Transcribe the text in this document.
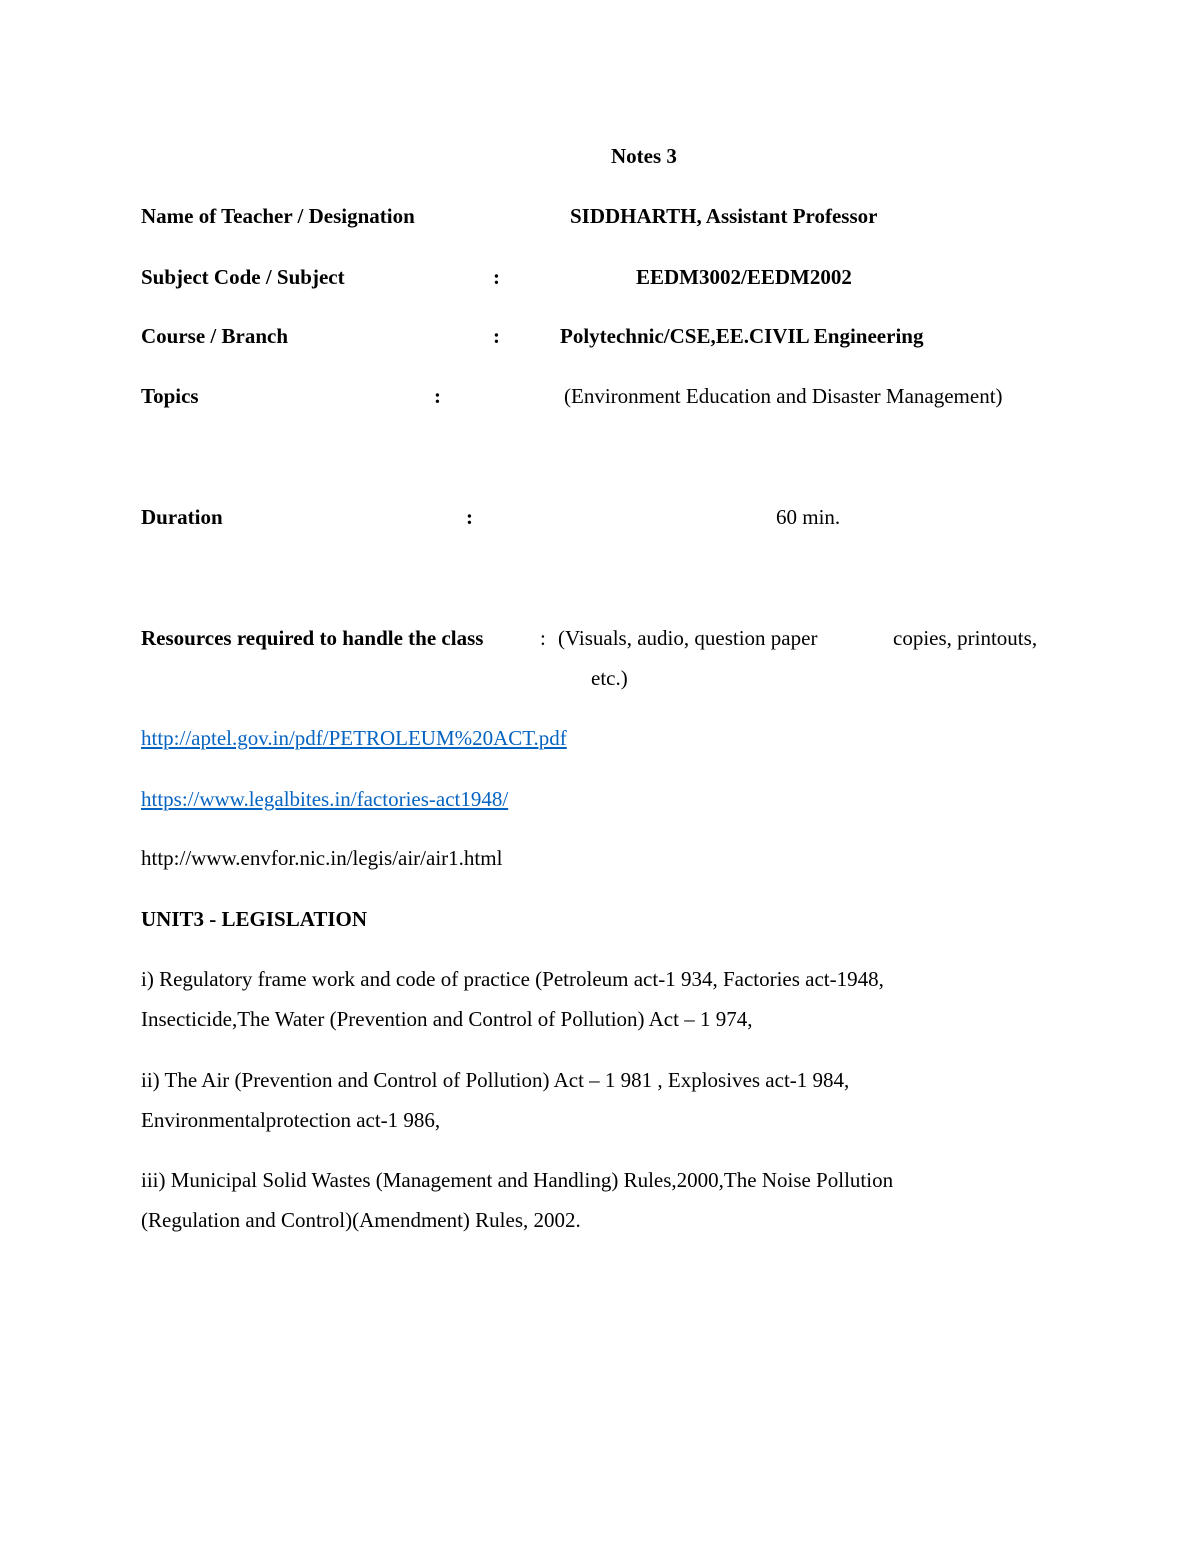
Notes 3
Name of Teacher / Designation	SIDDHARTH, Assistant Professor
Subject Code / Subject	:	EEDM3002/EEDM2002
Course / Branch	:	Polytechnic/CSE,EE.CIVIL Engineering
Topics	:	(Environment Education and Disaster Management)
Duration	:	60 min.
Resources required to handle the class	: (Visuals, audio, question paper	copies, printouts,
etc.)
http://aptel.gov.in/pdf/PETROLEUM%20ACT.pdf
https://www.legalbites.in/factories-act1948/
http://www.envfor.nic.in/legis/air/air1.html
UNIT3 - LEGISLATION
i) Regulatory frame work and code of practice (Petroleum act-1 934, Factories act-1948,
Insecticide,The Water (Prevention and Control of Pollution) Act – 1 974,
ii) The Air (Prevention and Control of Pollution) Act – 1 981 , Explosives act-1 984,
Environmentalprotection act-1 986,
iii) Municipal Solid Wastes (Management and Handling) Rules,2000,The Noise Pollution
(Regulation and Control)(Amendment) Rules, 2002.
